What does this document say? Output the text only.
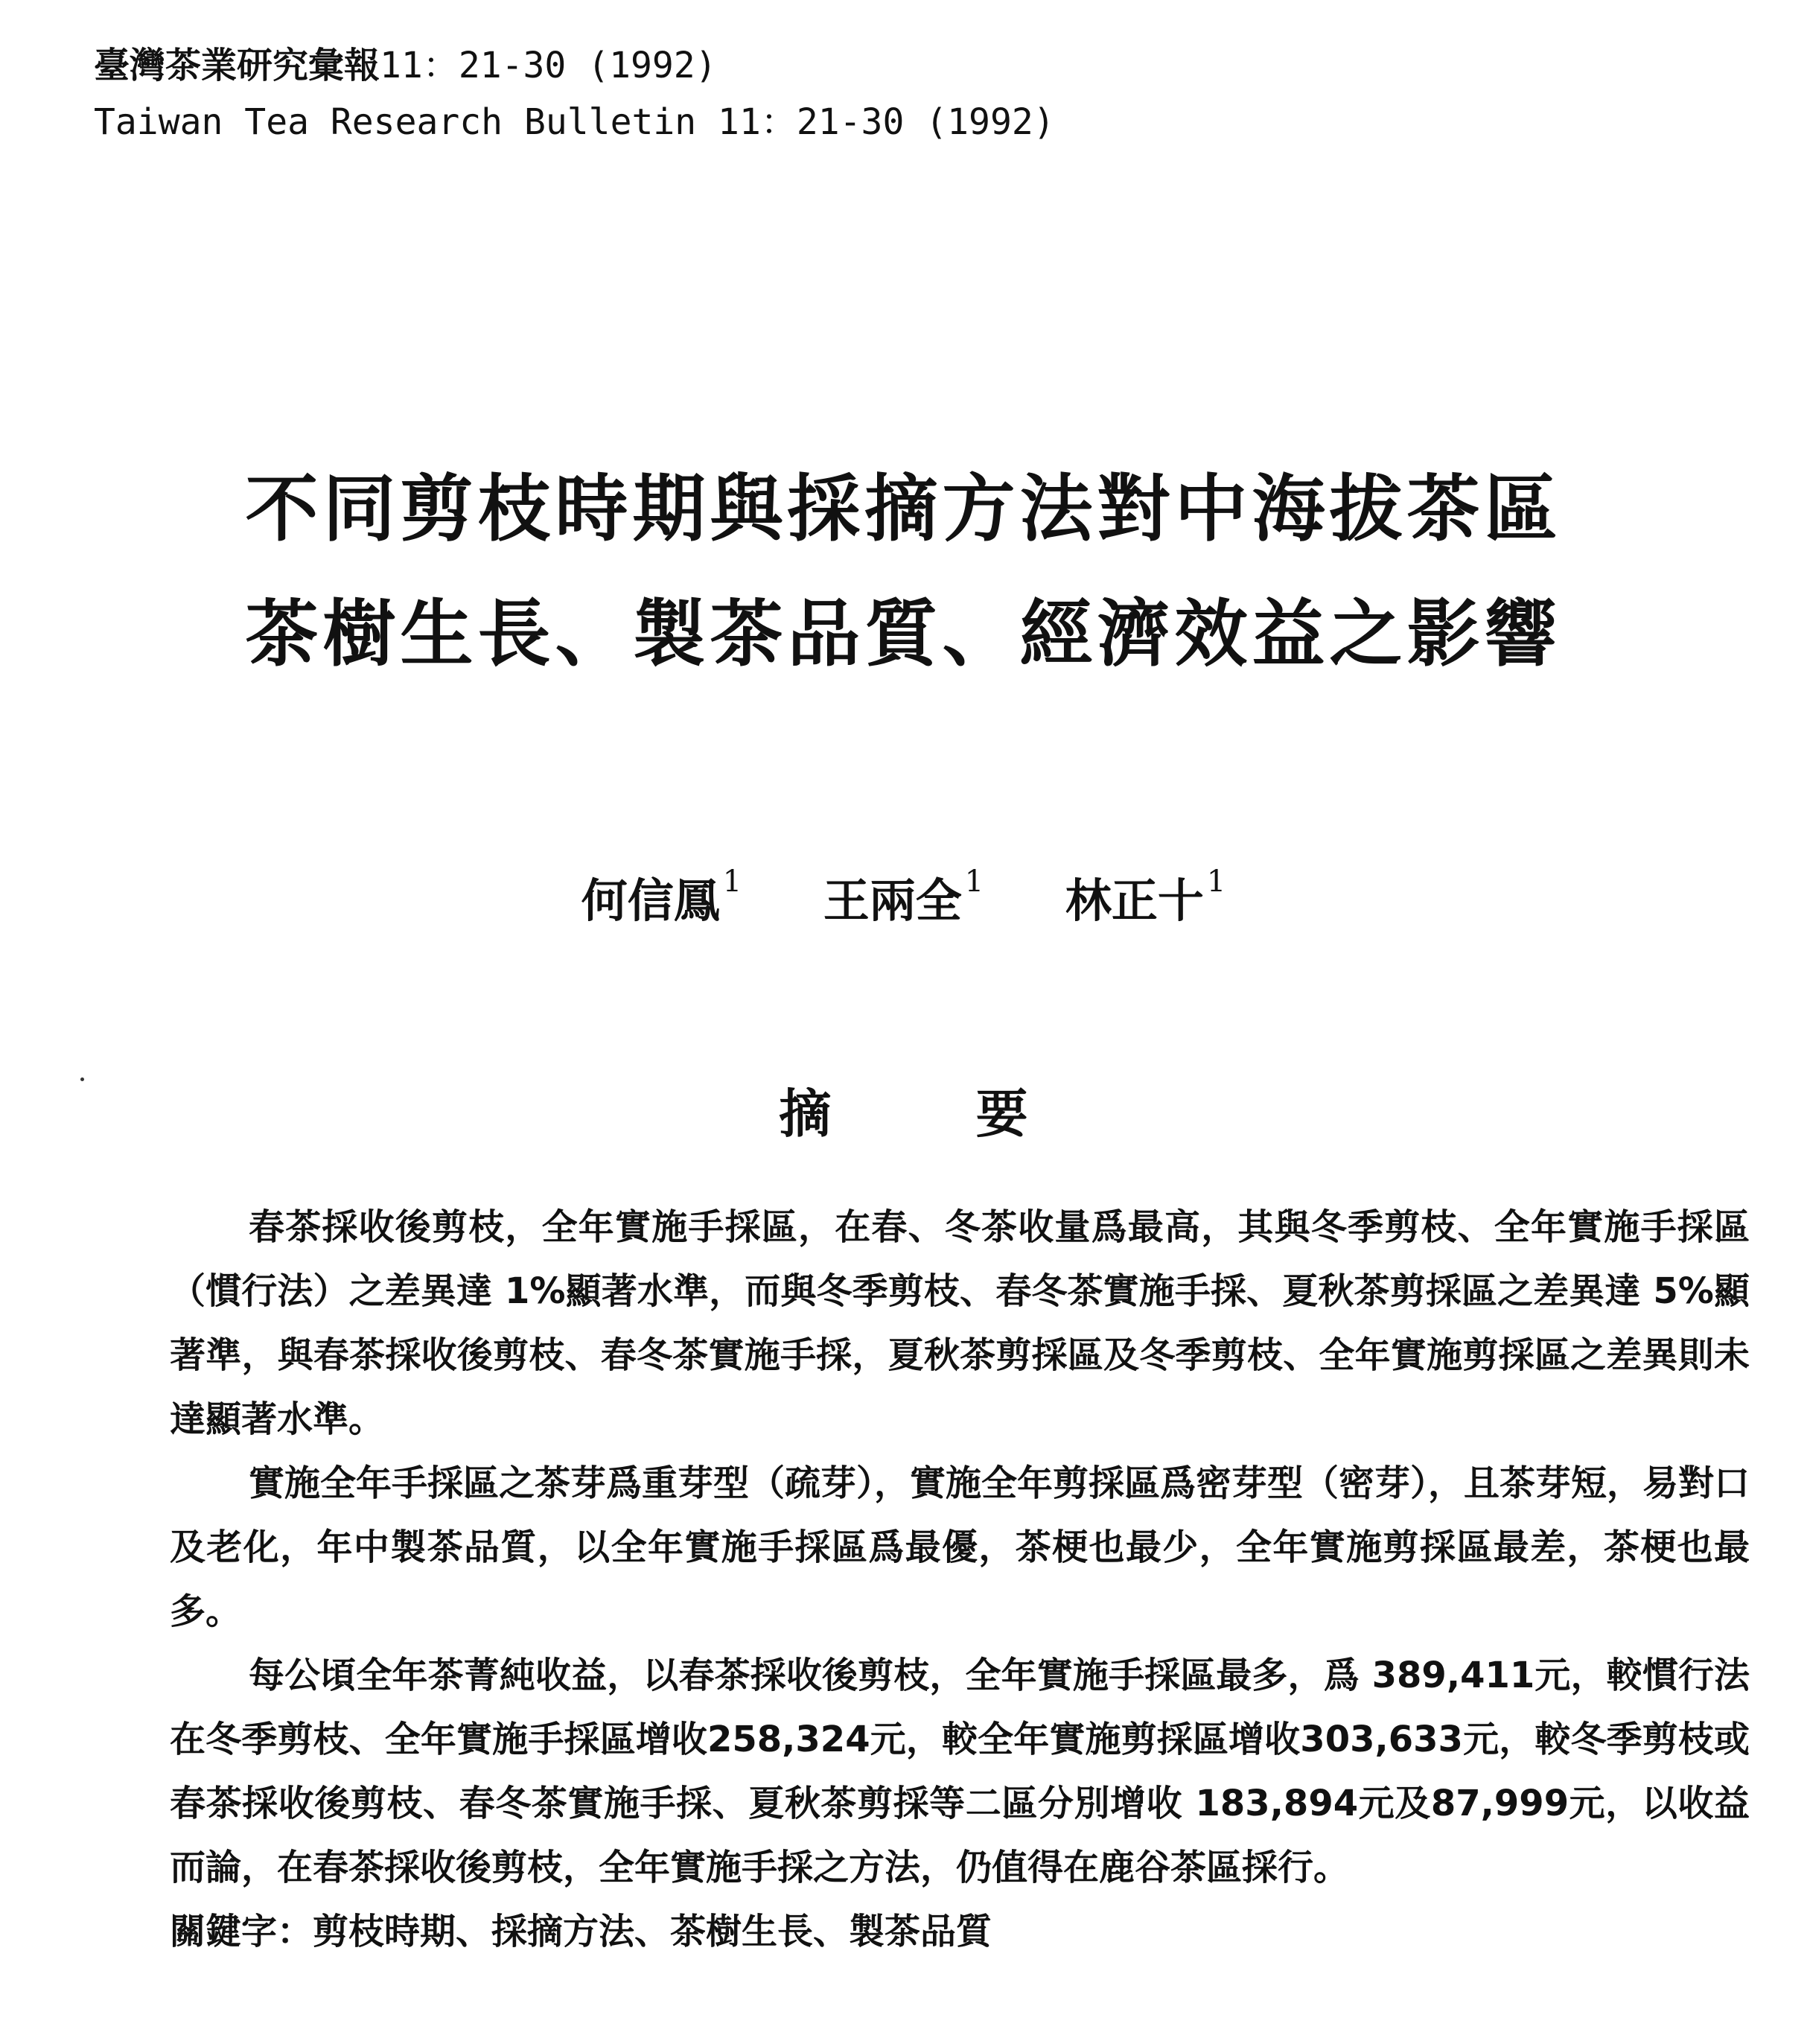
臺灣茶業研究彙報11：21-30 (1992)
Taiwan Tea Research Bulletin 11：21-30 (1992)
不同剪枝時期與採摘方法對中海拔茶區
茶樹生長、製茶品質、經濟效益之影響
何信鳳 $^1$ 王兩全 $^1$ 林正十 $^1$
摘 要

春茶採收後剪枝，全年實施手採區，在春、冬茶收量爲最高，其與冬季剪枝、全年實施手採區（慣行法）之差異達 1%顯著水準，而與冬季剪枝、春冬茶實施手採、夏秋茶剪採區之差異達 5%顯著準，與春茶採收後剪枝、春冬茶實施手採，夏秋茶剪採區及冬季剪枝、全年實施剪採區之差異則未達顯著水準。

實施全年手採區之茶芽爲重芽型（疏芽），實施全年剪採區爲密芽型（密芽），且茶芽短，易對口及老化，年中製茶品質，以全年實施手採區爲最優，茶梗也最少，全年實施剪採區最差，茶梗也最多。

每公頃全年茶菁純收益，以春茶採收後剪枝，全年實施手採區最多，爲 389,411元，較慣行法在冬季剪枝、全年實施手採區增收258,324元，較全年實施剪採區增收303,633元，較冬季剪枝或春茶採收後剪枝、春冬茶實施手採、夏秋茶剪採等二區分別增收 183,894元及87,999元，以收益而論，在春茶採收後剪枝，全年實施手採之方法，仍值得在鹿谷茶區採行。

關鍵字：剪枝時期、採摘方法、茶樹生長、製茶品質
